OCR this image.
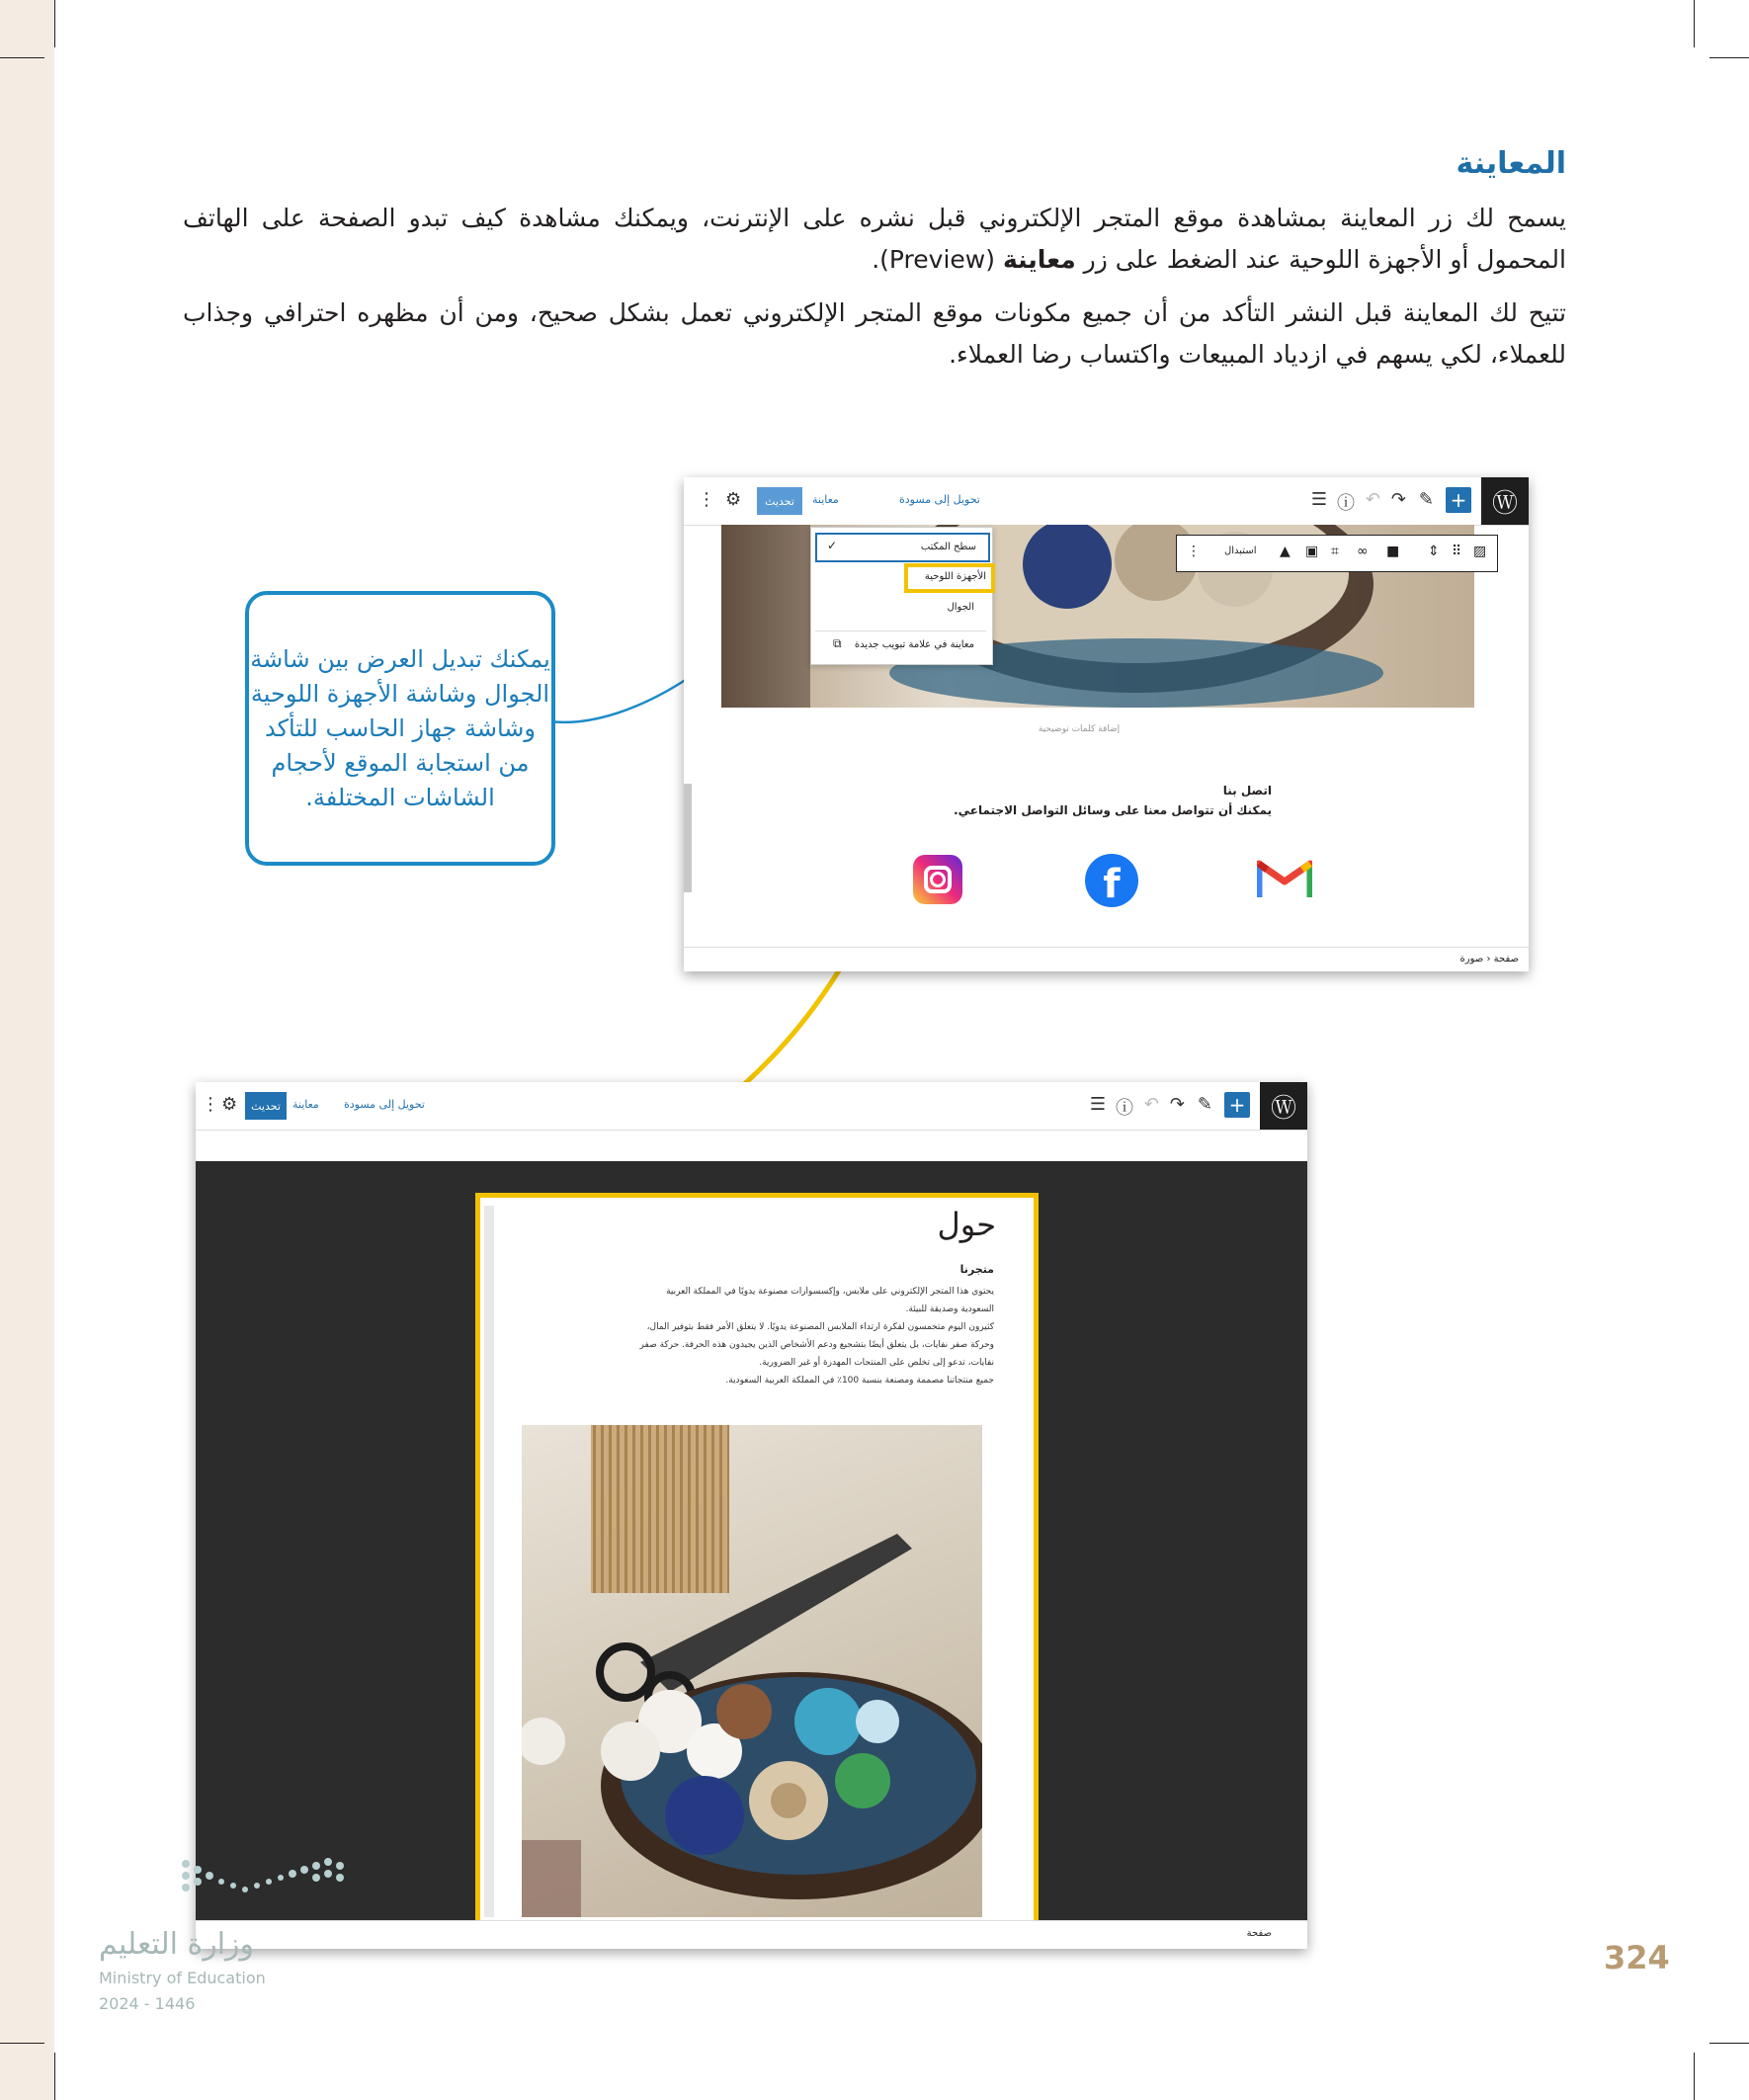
المعاينة
يسمح لك زر المعاينة بمشاهدة موقع المتجر الإلكتروني قبل نشره على الإنترنت، ويمكنك مشاهدة كيف تبدو الصفحة على الهاتف المحمول أو الأجهزة اللوحية عند الضغط على زر معاينة (Preview).
تتيح لك المعاينة قبل النشر التأكد من أن جميع مكونات موقع المتجر الإلكتروني تعمل بشكل صحيح، ومن أن مظهره احترافي وجذاب للعملاء، لكي يسهم في ازدياد المبيعات واكتساب رضا العملاء.
يمكنك تبديل العرض بين شاشة الجوال وشاشة الأجهزة اللوحية وشاشة جهاز الحاسب للتأكد من استجابة الموقع لأحجام الشاشات المختلفة.
Ⓦ
+
✎
↷
↶
ⓘ
☰
تحويل إلى مسودة
معاينة
تحديث
⚙
⋮
⋮ استبدال ▲ ▣ ⌗ ∞ ■ ⇕ ⠿ ▨
سطح المكتب
✓
الأجهزة اللوحية
الجوال
معاينة في علامة تبويب جديدة
⧉
إضافة كلمات توضيحية
اتصل بنا
يمكنك أن تتواصل معنا على وسائل التواصل الاجتماعي.
f
صفحة ‹ صورة
Ⓦ
+
✎
↷
↶
ⓘ
☰
تحويل إلى مسودة
معاينة
تحديث
⚙
⋮
حول
متجرنا
يحتوي هذا المتجر الإلكتروني على ملابس، وإكسسوارات مصنوعة يدويًا في المملكة العربية
السعودية وصديقة للبيئة.
كثيرون اليوم متحمسون لفكرة ارتداء الملابس المصنوعة يدويًا. لا يتعلق الأمر فقط بتوفير المال،
وحركة صفر نفايات، بل يتعلق أيضًا بتشجيع ودعم الأشخاص الذين يجيدون هذه الحرفة. حركة صفر
نفايات، تدعو إلى تخلص على المنتجات المهدرة أو غير الضرورية.
جميع منتجاتنا مصممة ومصنعة بنسبة 100٪ في المملكة العربية السعودية.
صفحة
324
وزارة التعليم
Ministry of Education
2024 - 1446
